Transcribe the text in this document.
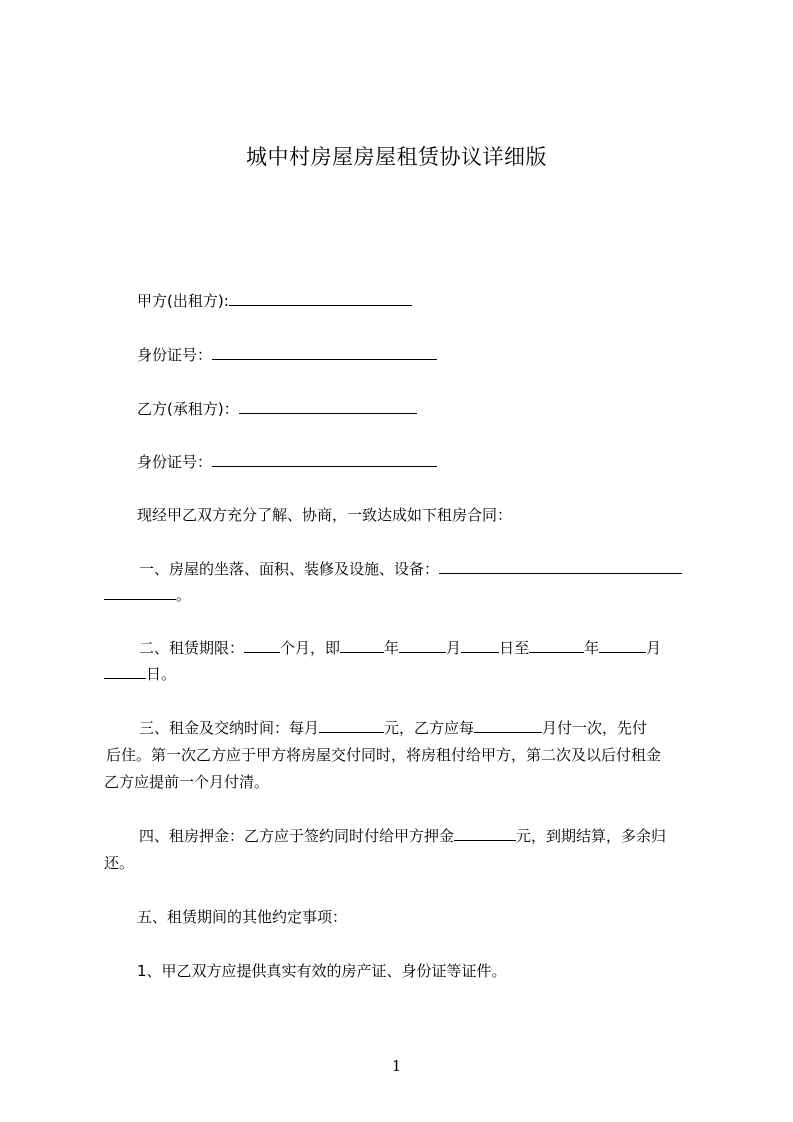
城中村房屋房屋租赁协议详细版

甲方(出租方):

身份证号：

乙方(承租方)：

身份证号：

现经甲乙双方充分了解、协商，一致达成如下租房合同：

一、房屋的坐落、面积、装修及设施、设备：

。

二、租赁期限： 个月，即	年	月	日至	年	月

日。

三、租金及交纳时间：每月	元，乙方应每	月付一次，先付

后住。第一次乙方应于甲方将房屋交付同时，将房租付给甲方，第二次及以后付租金

乙方应提前一个月付清。

四、租房押金：乙方应于签约同时付给甲方押金	元，到期结算，多余归

还。

五、租赁期间的其他约定事项：

1、甲乙双方应提供真实有效的房产证、身份证等证件。

1
